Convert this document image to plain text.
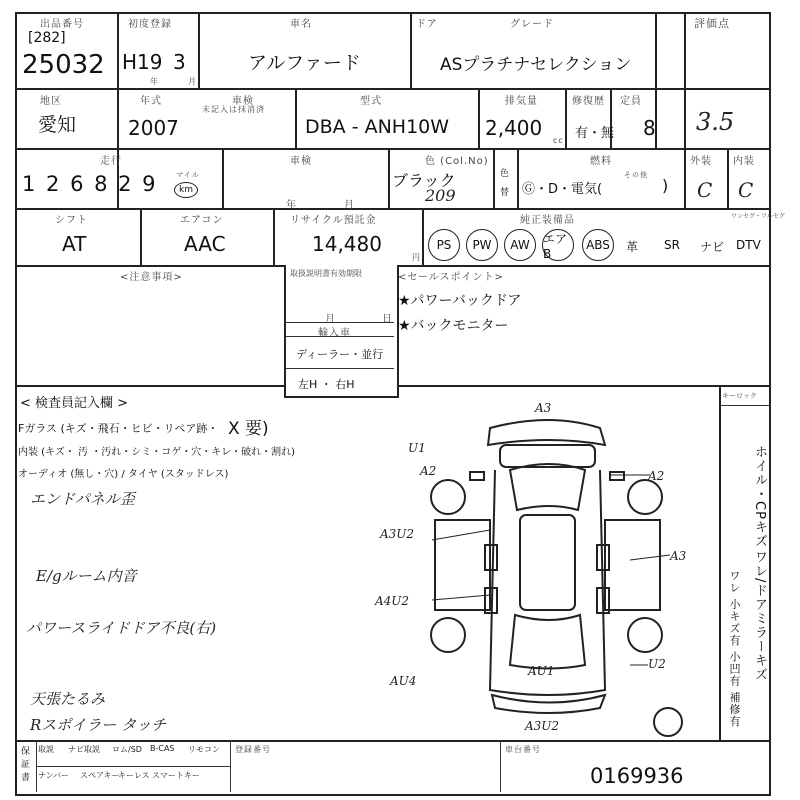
出品番号
[282]
25032
初度登録
H19 3
年	月
車名
アルファード
ドア	グレード
ASプラチナセレクション
評価点
3.5
地区
愛知
年式
2007
車検
未記入は抹消済
型式
DBA - ANH10W
排気量
2,400
cc
修復歴
有・無
定員
8
走行
1 2 6 8 2 9	マイル
km
車検
年	月
色 (Col.No)
ブラック
209	色替
燃料
Ⓖ・D・電気(
その他
)
外装 内装
C C
シフト
AT
エアコン
AAC
リサイクル預託金
14,480
円
純正装備品	ワンセグ・フルセグ
PS	PW	AW	エアB
ABS	革 SR ナビ DTV
<注意事項>	取扱説明書有効期限
月	日
輸入車
ディーラー・並行
左H ・ 右H
<セールスポイント>
★パワーバックドア
★バックモニター
< 検査員記入欄 >
Fガラス (キズ・飛石・ヒビ・リペア跡・ X 要)
内装 (キズ・ 汚 ・汚れ・シミ・コゲ・穴・キレ・破れ・割れ)
オーディオ (無し・穴) / タイヤ (スタッドレス)
エンドパネル歪
E/gルーム内音
パワースライドドア不良(右)
天張たるみ
Rスポイラー タッチ
キーロック
ホイル・CPキズ
ワレ/ドアミラーキズ
ワレ 小キズ有 小凹有 補修有
A3
U1
A2	A2
A3U2
A3
A4U2
AU1	U2
AU4
A3U2
保証書 取説 ナビ取説 ロム/SD B-CAS リモコン
ナンバー スペアキー
キーレス スマートキー
登録番号	車台番号
0169936
